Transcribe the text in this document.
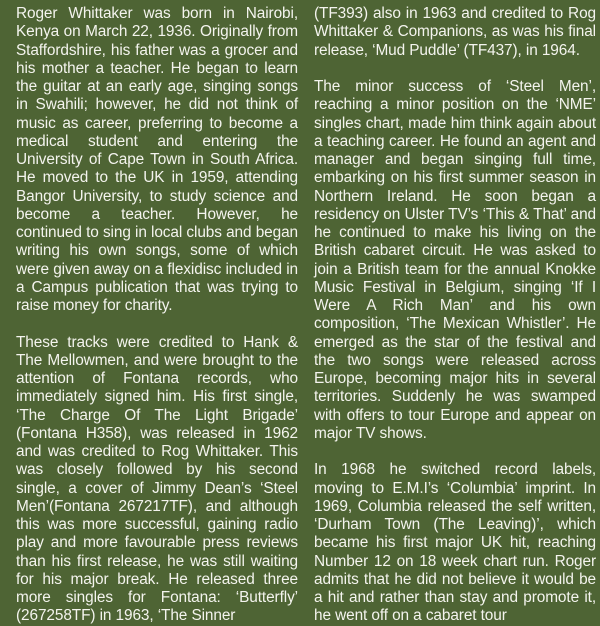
Roger Whittaker was born in Nairobi, Kenya on March 22, 1936. Originally from Staffordshire, his father was a grocer and his mother a teacher. He began to learn the guitar at an early age, singing songs in Swahili; however, he did not think of music as career, preferring to become a medical student and entering the University of Cape Town in South Africa. He moved to the UK in 1959, attending Bangor University, to study science and become a teacher. However, he continued to sing in local clubs and began writing his own songs, some of which were given away on a flexidisc included in a Campus publication that was trying to raise money for charity.

These tracks were credited to Hank & The Mellowmen, and were brought to the attention of Fontana records, who immediately signed him. His first single, ‘The Charge Of The Light Brigade’ (Fontana H358), was released in 1962 and was credited to Rog Whittaker. This was closely followed by his second single, a cover of Jimmy Dean’s ‘Steel Men’(Fontana 267217TF), and although this was more successful, gaining radio play and more favourable press reviews than his first release, he was still waiting for his major break. He released three more singles for Fontana: ‘Butterfly’ (267258TF) in 1963, ‘The Sinner

(TF393) also in 1963 and credited to Rog Whittaker & Companions, as was his final release, ‘Mud Puddle’ (TF437), in 1964.

The minor success of ‘Steel Men’, reaching a minor position on the ‘NME’ singles chart, made him think again about a teaching career. He found an agent and manager and began singing full time, embarking on his first summer season in Northern Ireland. He soon began a residency on Ulster TV’s ‘This & That’ and he continued to make his living on the British cabaret circuit. He was asked to join a British team for the annual Knokke Music Festival in Belgium, singing ‘If I Were A Rich Man’ and his own composition, ‘The Mexican Whistler’. He emerged as the star of the festival and the two songs were released across Europe, becoming major hits in several territories. Suddenly he was swamped with offers to tour Europe and appear on major TV shows.

In 1968 he switched record labels, moving to E.M.I’s ‘Columbia’ imprint. In 1969, Columbia released the self written, ‘Durham Town (The Leaving)’, which became his first major UK hit, reaching Number 12 on 18 week chart run. Roger admits that he did not believe it would be a hit and rather than stay and promote it, he went off on a cabaret tour
